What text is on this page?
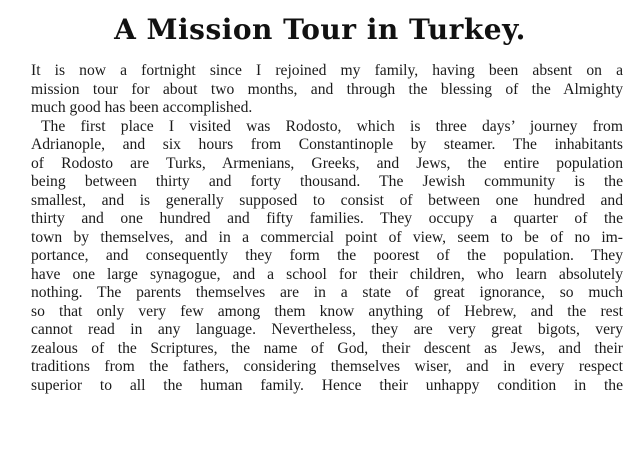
A Mission Tour in Turkey.
It is now a fortnight since I rejoined my family, having been absent on a
mission tour for about two months, and through the blessing of the Almighty
much good has been accomplished.
The first place I visited was Rodosto, which is three days’ journey from
Adrianople, and six hours from Constantinople by steamer. The inhabitants
of Rodosto are Turks, Armenians, Greeks, and Jews, the entire population
being between thirty and forty thousand. The Jewish community is the
smallest, and is generally supposed to consist of between one hundred and
thirty and one hundred and fifty families. They occupy a quarter of the
town by themselves, and in a commercial point of view, seem to be of no im-
portance, and consequently they form the poorest of the population. They
have one large synagogue, and a school for their children, who learn absolutely
nothing. The parents themselves are in a state of great ignorance, so much
so that only very few among them know anything of Hebrew, and the rest
cannot read in any language. Nevertheless, they are very great bigots, very
zealous of the Scriptures, the name of God, their descent as Jews, and their
traditions from the fathers, considering themselves wiser, and in every respect
superior to all the human family. Hence their unhappy condition in the
